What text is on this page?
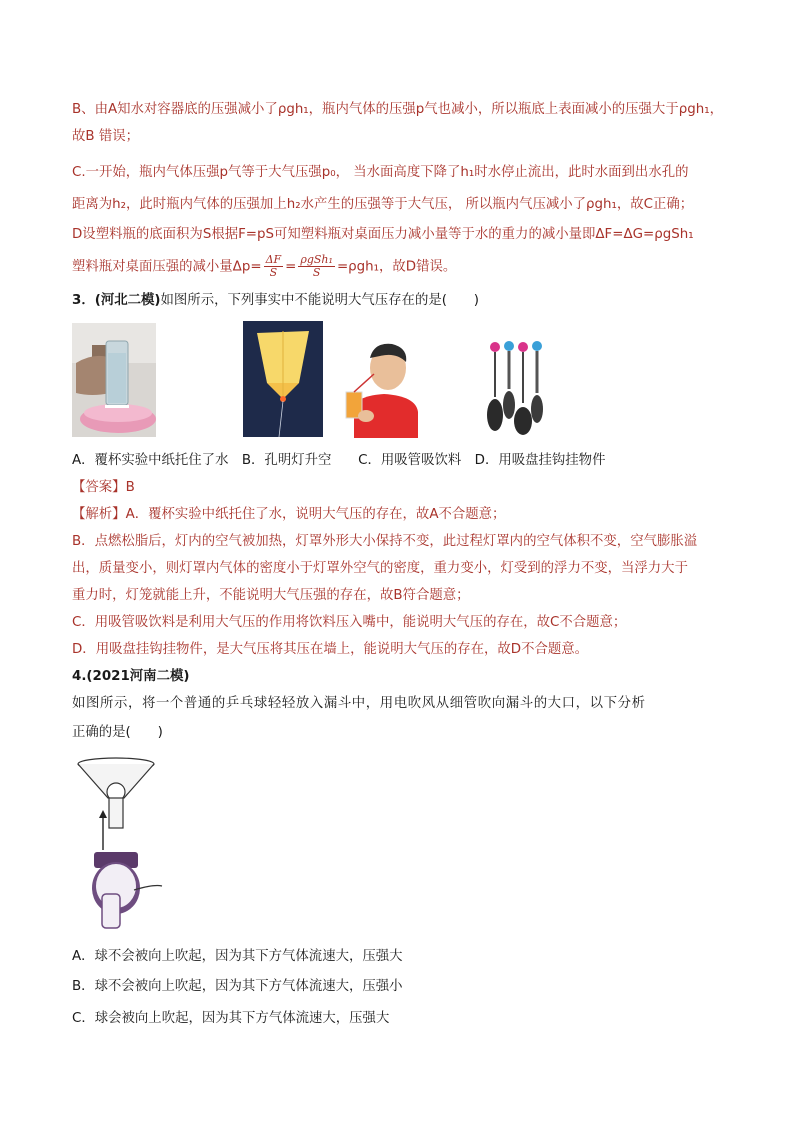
B、由A知水对容器底的压强减小了ρgh₁，瓶内气体的压强p气也减小，所以瓶底上表面减小的压强大于ρgh₁，
故B 错误；
C.一开始，瓶内气体压强p气等于大气压强p₀， 当水面高度下降了h₁时水停止流出，此时水面到出水孔的
距离为h₂，此时瓶内气体的压强加上h₂水产生的压强等于大气压， 所以瓶内气压减小了ρgh₁，故C正确；
D设塑料瓶的底面积为S根据F=pS可知塑料瓶对桌面压力减小量等于水的重力的减小量即ΔF=ΔG=ρgSh₁
塑料瓶对桌面压强的减小量$\Delta p= \frac{\Delta F}{S} = \frac{\text{ρgSh₁}}{S} =\rho gh_1$，故D错误。
3．(河北二模)如图所示，下列事实中不能说明大气压存在的是(　　)
A．覆杯实验中纸托住了水　B．孔明灯升空　　C．用吸管吸饮料　D．用吸盘挂钩挂物件
【答案】B
【解析】A．覆杯实验中纸托住了水，说明大气压的存在，故A不合题意；
B．点燃松脂后，灯内的空气被加热，灯罩外形大小保持不变，此过程灯罩内的空气体积不变，空气膨胀溢
出，质量变小，则灯罩内气体的密度小于灯罩外空气的密度，重力变小，灯受到的浮力不变，当浮力大于
重力时，灯笼就能上升，不能说明大气压强的存在，故B符合题意；
C．用吸管吸饮料是利用大气压的作用将饮料压入嘴中，能说明大气压的存在，故C不合题意；
D．用吸盘挂钩挂物件，是大气压将其压在墙上，能说明大气压的存在，故D不合题意。
4.(2021河南二模)
如图所示，将一个普通的乒乓球轻轻放入漏斗中，用电吹风从细管吹向漏斗的大口，以下分析
正确的是(　　)
A．球不会被向上吹起，因为其下方气体流速大，压强大
B．球不会被向上吹起，因为其下方气体流速大，压强小
C．球会被向上吹起，因为其下方气体流速大，压强大
